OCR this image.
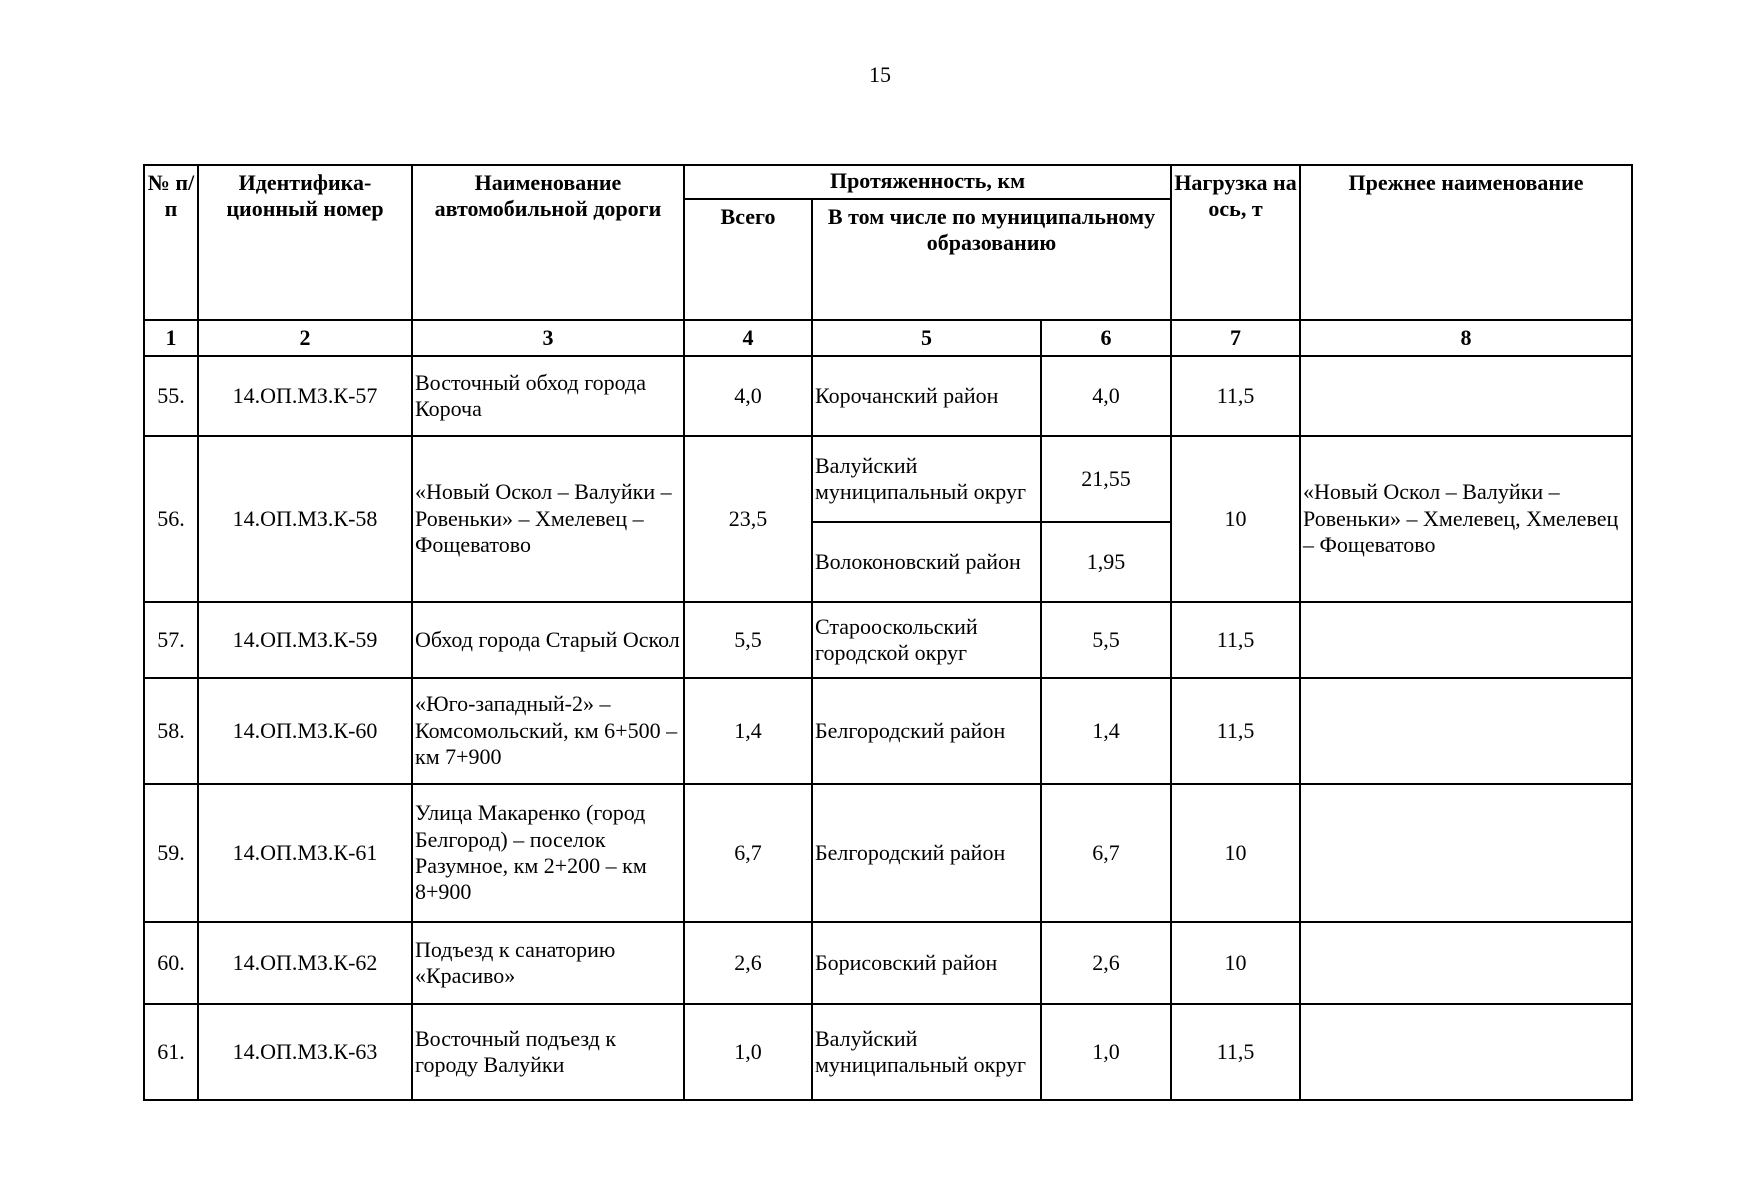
15
№ п/п	Идентифика-ционный номер	Наименование автомобильной дороги	Протяженность, км			Нагрузка на ось, т	Прежнее наименование
			Всего	В том числе по муниципальному образованию			
1	2	3	4	5	6	7	8
55.	14.ОП.МЗ.К-57	Восточный обход города Короча	4,0	Корочанский район	4,0	11,5	
56.	14.ОП.МЗ.К-58	«Новый Оскол – Валуйки – Ровеньки» – Хмелевец – Фощеватово	23,5	Валуйский муниципальный округ	21,55	10	«Новый Оскол – Валуйки – Ровеньки» – Хмелевец, Хмелевец – Фощеватово
				Волоконовский район	1,95		
57.	14.ОП.МЗ.К-59	Обход города Старый Оскол	5,5	Старооскольский городской округ	5,5	11,5	
58.	14.ОП.МЗ.К-60	«Юго-западный-2» – Комсомольский, км 6+500 – км 7+900	1,4	Белгородский район	1,4	11,5	
59.	14.ОП.МЗ.К-61	Улица Макаренко (город Белгород) – поселок Разумное, км 2+200 – км 8+900	6,7	Белгородский район	6,7	10	
60.	14.ОП.МЗ.К-62	Подъезд к санаторию «Красиво»	2,6	Борисовский район	2,6	10	
61.	14.ОП.МЗ.К-63	Восточный подъезд к городу Валуйки	1,0	Валуйский муниципальный округ	1,0	11,5	
